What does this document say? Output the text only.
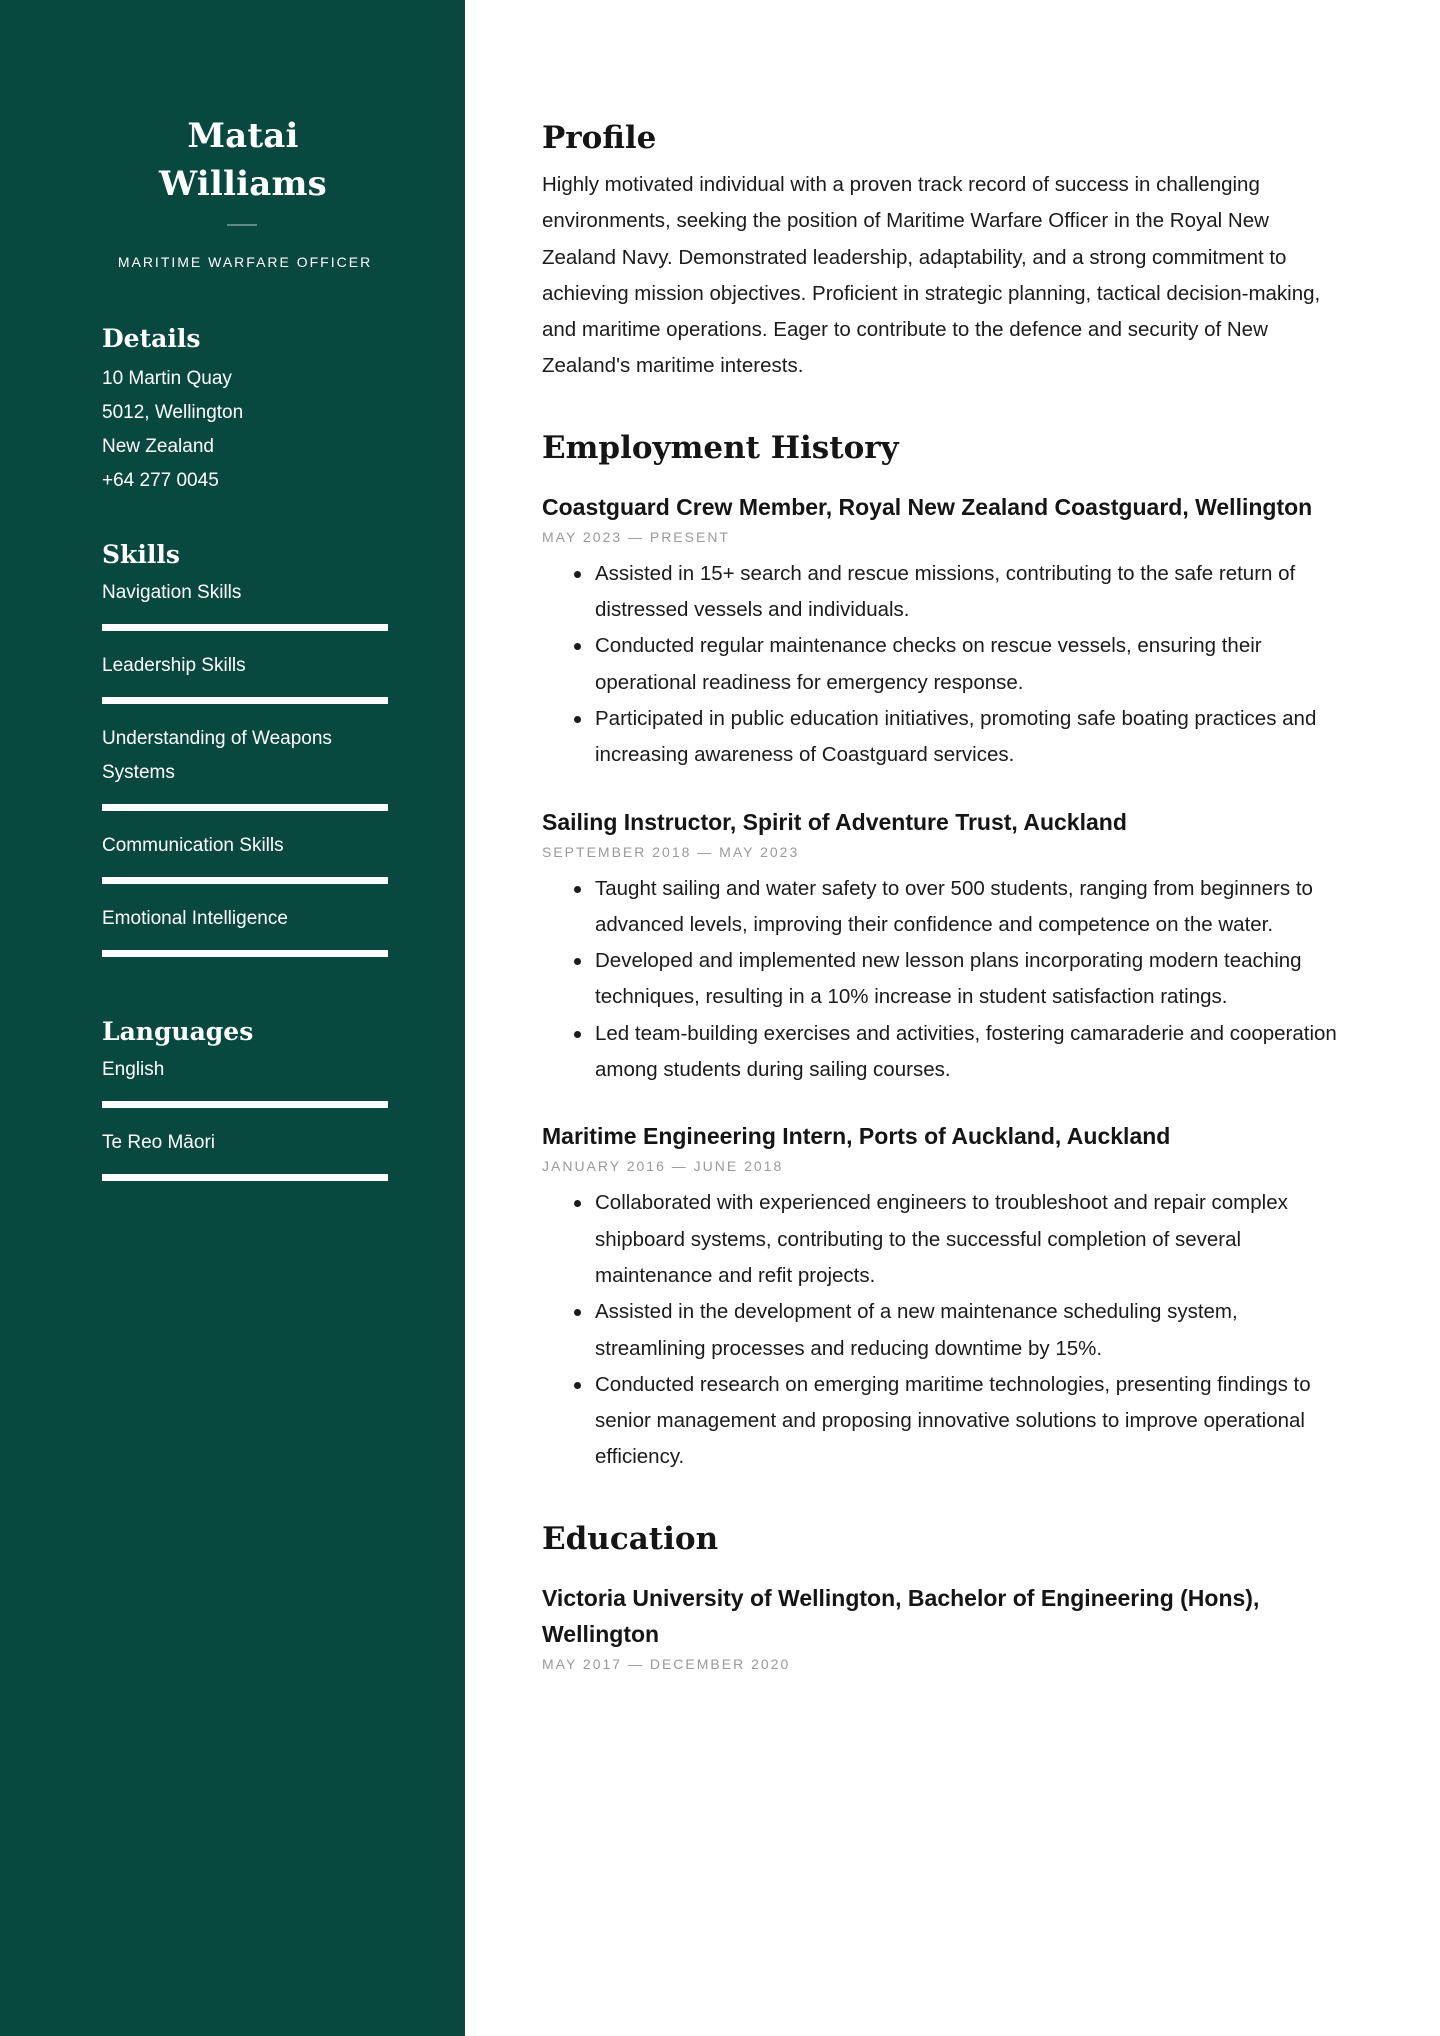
Matai Williams
MARITIME WARFARE OFFICER
Details
10 Martin Quay
5012, Wellington
New Zealand
+64 277 0045
Skills
Navigation Skills
Leadership Skills
Understanding of Weapons Systems
Communication Skills
Emotional Intelligence
Languages
English
Te Reo Māori
Profile

Highly motivated individual with a proven track record of success in challenging environments, seeking the position of Maritime Warfare Officer in the Royal New Zealand Navy. Demonstrated leadership, adaptability, and a strong commitment to achieving mission objectives. Proficient in strategic planning, tactical decision-making, and maritime operations. Eager to contribute to the defence and security of New Zealand's maritime interests.

Employment History
Coastguard Crew Member, Royal New Zealand Coastguard, Wellington
MAY 2023 — PRESENT
Assisted in 15+ search and rescue missions, contributing to the safe return of distressed vessels and individuals.
Conducted regular maintenance checks on rescue vessels, ensuring their operational readiness for emergency response.
Participated in public education initiatives, promoting safe boating practices and increasing awareness of Coastguard services.
Sailing Instructor, Spirit of Adventure Trust, Auckland
SEPTEMBER 2018 — MAY 2023
Taught sailing and water safety to over 500 students, ranging from beginners to advanced levels, improving their confidence and competence on the water.
Developed and implemented new lesson plans incorporating modern teaching techniques, resulting in a 10% increase in student satisfaction ratings.
Led team-building exercises and activities, fostering camaraderie and cooperation among students during sailing courses.
Maritime Engineering Intern, Ports of Auckland, Auckland
JANUARY 2016 — JUNE 2018
Collaborated with experienced engineers to troubleshoot and repair complex shipboard systems, contributing to the successful completion of several maintenance and refit projects.
Assisted in the development of a new maintenance scheduling system, streamlining processes and reducing downtime by 15%.
Conducted research on emerging maritime technologies, presenting findings to senior management and proposing innovative solutions to improve operational efficiency.
Education
Victoria University of Wellington, Bachelor of Engineering (Hons), Wellington
MAY 2017 — DECEMBER 2020
